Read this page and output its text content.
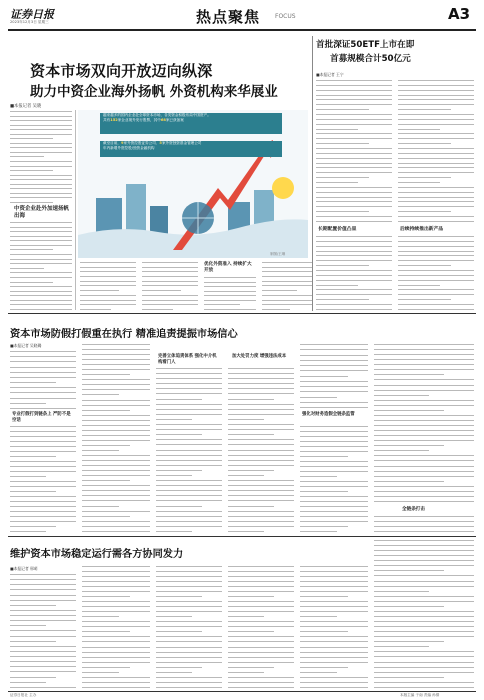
证券日报
2023年12月3日 星期三	热点聚焦 FOCUS	A3
资本市场双向开放迈向纵深
助力中资企业海外扬帆 外资机构来华展业
■本报记者 吴晓
中资企业赴外加速扬帆出海
越来越多的国内企业赴全球资本市场，各类资金积极布局中国资产。
共有152家企业境外发行股票，其中68家已获备案
截至目前，9家外资控股证券公司、5家外资独资基金管理公司
年内新增外资控股/独资金融机构
制图/王琳
优化外资准入 持续扩大开放
首批深证50ETF上市在即
首募规模合计50亿元
■本报记者 王宁
长期配置价值凸显	后续持续推出新产品
资本市场防假打假重在执行 精准追责提振市场信心
■本报记者 吴晓璐
专业打假打到链条上 严防不是空话
完善立体追责体系 强化中介机构看门人
加大处罚力度 增强违法成本
强化对财务造假全链条监管
全链条打击
维护资本市场稳定运行需各方协同发力
■本报记者 邢萌
证券日报社 主办	本版主编 于南 责编 孙倩
